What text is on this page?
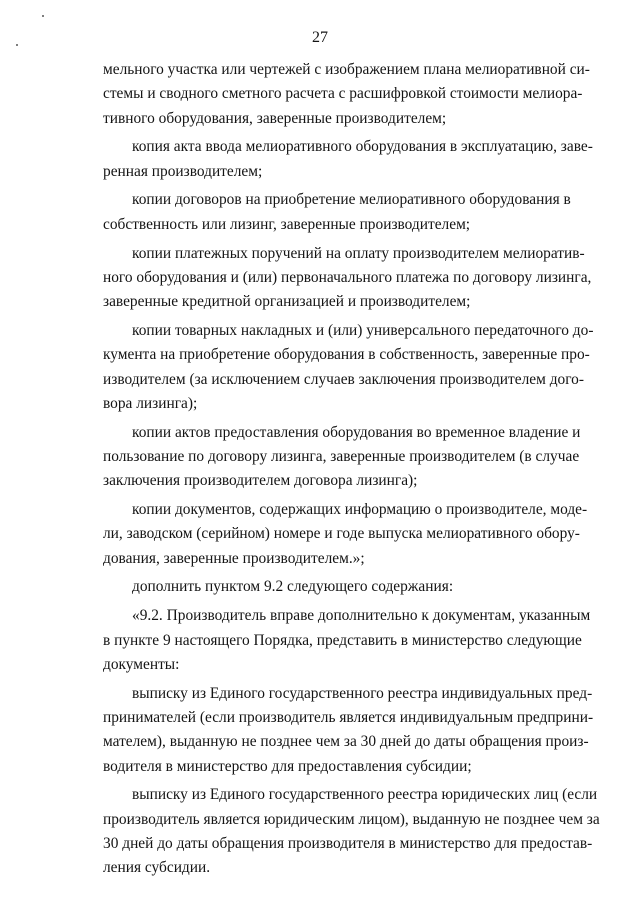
27
мельного участка или чертежей с изображением плана мелиоративной си-
стемы и сводного сметного расчета с расшифровкой стоимости мелиора-
тивного оборудования, заверенные производителем;
копия акта ввода мелиоративного оборудования в эксплуатацию, заве-
ренная производителем;
копии договоров на приобретение мелиоративного оборудования в
собственность или лизинг, заверенные производителем;
копии платежных поручений на оплату производителем мелиоратив-
ного оборудования и (или) первоначального платежа по договору лизинга,
заверенные кредитной организацией и производителем;
копии товарных накладных и (или) универсального передаточного до-
кумента на приобретение оборудования в собственность, заверенные про-
изводителем (за исключением случаев заключения производителем дого-
вора лизинга);
копии актов предоставления оборудования во временное владение и
пользование по договору лизинга, заверенные производителем (в случае
заключения производителем договора лизинга);
копии документов, содержащих информацию о производителе, моде-
ли, заводском (серийном) номере и годе выпуска мелиоративного обору-
дования, заверенные производителем.»;
дополнить пунктом 9.2 следующего содержания:
«9.2. Производитель вправе дополнительно к документам, указанным
в пункте 9 настоящего Порядка, представить в министерство следующие
документы:
выписку из Единого государственного реестра индивидуальных пред-
принимателей (если производитель является индивидуальным предприни-
мателем), выданную не позднее чем за 30 дней до даты обращения произ-
водителя в министерство для предоставления субсидии;
выписку из Единого государственного реестра юридических лиц (если
производитель является юридическим лицом), выданную не позднее чем за
30 дней до даты обращения производителя в министерство для предостав-
ления субсидии.
